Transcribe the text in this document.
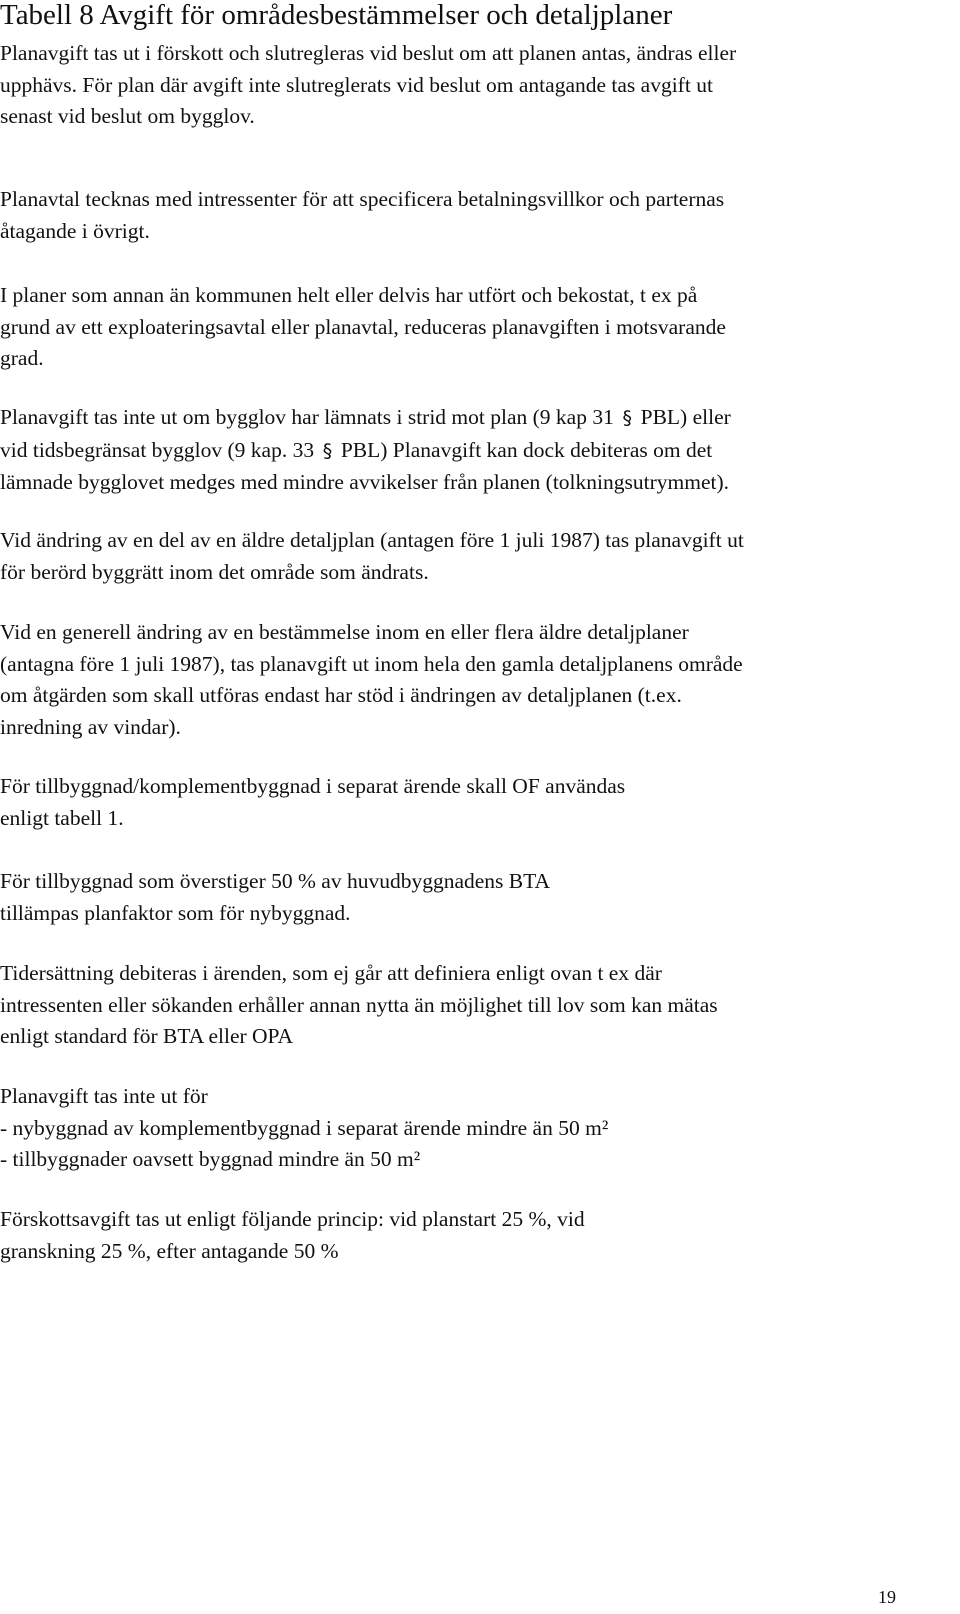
Tabell 8 Avgift för områdesbestämmelser och detaljplaner
Planavgift tas ut i förskott och slutregleras vid beslut om att planen antas, ändras eller
upphävs. För plan där avgift inte slutreglerats vid beslut om antagande tas avgift ut
senast vid beslut om bygglov.
Planavtal tecknas med intressenter för att specificera betalningsvillkor och parternas
åtagande i övrigt.
I planer som annan än kommunen helt eller delvis har utfört och bekostat, t ex på
grund av ett exploateringsavtal eller planavtal, reduceras planavgiften i motsvarande
grad.
Planavgift tas inte ut om bygglov har lämnats i strid mot plan (9 kap 31 § PBL) eller
vid tidsbegränsat bygglov (9 kap. 33 § PBL) Planavgift kan dock debiteras om det
lämnade bygglovet medges med mindre avvikelser från planen (tolkningsutrymmet).
Vid ändring av en del av en äldre detaljplan (antagen före 1 juli 1987) tas planavgift ut
för berörd byggrätt inom det område som ändrats.
Vid en generell ändring av en bestämmelse inom en eller flera äldre detaljplaner
(antagna före 1 juli 1987), tas planavgift ut inom hela den gamla detaljplanens område
om åtgärden som skall utföras endast har stöd i ändringen av detaljplanen (t.ex.
inredning av vindar).
För tillbyggnad/komplementbyggnad i separat ärende skall OF användas
enligt tabell 1.
För tillbyggnad som överstiger 50 % av huvudbyggnadens BTA
tillämpas planfaktor som för nybyggnad.
Tidersättning debiteras i ärenden, som ej går att definiera enligt ovan t ex där
intressenten eller sökanden erhåller annan nytta än möjlighet till lov som kan mätas
enligt standard för BTA eller OPA
Planavgift tas inte ut för
- nybyggnad av komplementbyggnad i separat ärende mindre än 50 m²
- tillbyggnader oavsett byggnad mindre än 50 m²
Förskottsavgift tas ut enligt följande princip: vid planstart 25 %, vid
granskning 25 %, efter antagande 50 %
19
